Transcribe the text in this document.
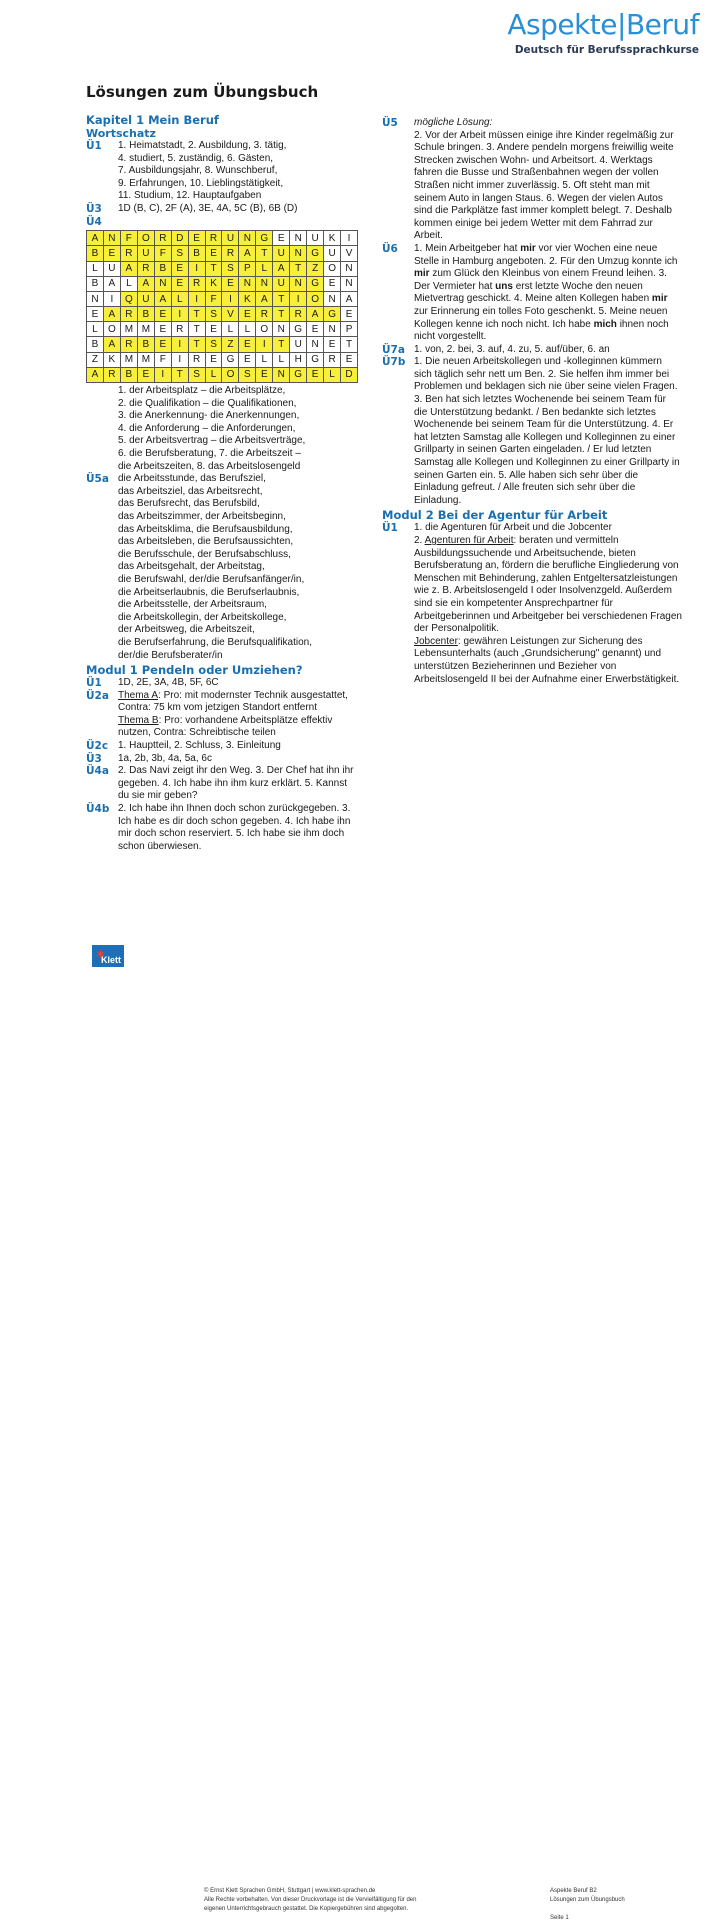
Aspekte|Beruf
Deutsch für Berufssprachkurse
Lösungen zum Übungsbuch
Kapitel 1 Mein Beruf
Wortschatz
Ü1	1. Heimatstadt, 2. Ausbildung, 3. tätig,

4. studiert, 5. zuständig, 6. Gästen,

7. Ausbildungsjahr, 8. Wunschberuf,

9. Erfahrungen, 10. Lieblingstätigkeit,

11. Studium, 12. Hauptaufgaben

Ü3	1D (B, C), 2F (A), 3E, 4A, 5C (B), 6B (D)
Ü4
A	N	F	O	R	D	E	R	U	N	G	E	N	U	K	I
B	E	R	U	F	S	B	E	R	A	T	U	N	G	U	V
L	U	A	R	B	E	I	T	S	P	L	A	T	Z	O	N
B	A	L	A	N	E	R	K	E	N	N	U	N	G	E	N
N	I	Q	U	A	L	I	F	I	K	A	T	I	O	N	A
E	A	R	B	E	I	T	S	V	E	R	T	R	A	G	E
L	O	M	M	E	R	T	E	L	L	O	N	G	E	N	P
B	A	R	B	E	I	T	S	Z	E	I	T	U	N	E	T
Z	K	M	M	F	I	R	E	G	E	L	L	H	G	R	E
A	R	B	E	I	T	S	L	O	S	E	N	G	E	L	D

1. der Arbeitsplatz – die Arbeitsplätze,

2. die Qualifikation – die Qualifikationen,

3. die Anerkennung- die Anerkennungen,

4. die Anforderung – die Anforderungen,

5. der Arbeitsvertrag – die Arbeitsverträge,

6. die Berufsberatung, 7. die Arbeitszeit –

die Arbeitszeiten, 8. das Arbeitslosengeld

Ü5a die Arbeitsstunde, das Berufsziel,

das Arbeitsziel, das Arbeitsrecht,

das Berufsrecht, das Berufsbild,

das Arbeitszimmer, der Arbeitsbeginn,

das Arbeitsklima, die Berufsausbildung,

das Arbeitsleben, die Berufsaussichten,

die Berufsschule, der Berufsabschluss,

das Arbeitsgehalt, der Arbeitstag,

die Berufswahl, der/die Berufsanfänger/in,

die Arbeitserlaubnis, die Berufserlaubnis,

die Arbeitsstelle, der Arbeitsraum,

die Arbeitskollegin, der Arbeitskollege,

der Arbeitsweg, die Arbeitszeit,

die Berufserfahrung, die Berufsqualifikation,

der/die Berufsberater/in

Modul 1 Pendeln oder Umziehen?
Ü1	1D, 2E, 3A, 4B, 5F, 6C
Ü2a Thema A: Pro: mit modernster Technik ausgestattet, Contra: 75 km vom jetzigen Standort entfernt

Thema B: Pro: vorhandene Arbeitsplätze effektiv nutzen, Contra: Schreibtische teilen

Ü2c 1. Hauptteil, 2. Schluss, 3. Einleitung
Ü3	1a, 2b, 3b, 4a, 5a, 6c
Ü4a 2. Das Navi zeigt ihr den Weg. 3. Der Chef hat ihn ihr gegeben. 4. Ich habe ihn ihm kurz erklärt. 5. Kannst du sie mir geben?
Ü4b 2. Ich habe ihn Ihnen doch schon zurückgegeben. 3. Ich habe es dir doch schon gegeben. 4. Ich habe ihn mir doch schon reserviert. 5. Ich habe sie ihm doch schon überwiesen.
Ü5	mögliche Lösung:

2. Vor der Arbeit müssen einige ihre Kinder regelmäßig zur Schule bringen. 3. Andere pendeln morgens freiwillig weite Strecken zwischen Wohn- und Arbeitsort. 4. Werktags fahren die Busse und Straßenbahnen wegen der vollen Straßen nicht immer zuverlässig. 5. Oft steht man mit seinem Auto in langen Staus. 6. Wegen der vielen Autos sind die Parkplätze fast immer komplett belegt. 7. Deshalb kommen einige bei jedem Wetter mit dem Fahrrad zur Arbeit.

Ü6	1. Mein Arbeitgeber hat mir vor vier Wochen eine neue Stelle in Hamburg angeboten. 2. Für den Umzug konnte ich mir zum Glück den Kleinbus von einem Freund leihen. 3. Der Vermieter hat uns erst letzte Woche den neuen Mietvertrag geschickt. 4. Meine alten Kollegen haben mir zur Erinnerung ein tolles Foto geschenkt. 5. Meine neuen Kollegen kenne ich noch nicht. Ich habe mich ihnen noch nicht vorgestellt.
Ü7a 1. von, 2. bei, 3. auf, 4. zu, 5. auf/über, 6. an
Ü7b 1. Die neuen Arbeitskollegen und -kolleginnen kümmern sich täglich sehr nett um Ben. 2. Sie helfen ihm immer bei Problemen und beklagen sich nie über seine vielen Fragen. 3. Ben hat sich letztes Wochenende bei seinem Team für die Unterstützung bedankt. / Ben bedankte sich letztes Wochenende bei seinem Team für die Unterstützung. 4. Er hat letzten Samstag alle Kollegen und Kolleginnen zu einer Grillparty in seinen Garten eingeladen. / Er lud letzten Samstag alle Kollegen und Kolleginnen zu einer Grillparty in seinen Garten ein. 5. Alle haben sich sehr über die Einladung gefreut. / Alle freuten sich sehr über die Einladung.
Modul 2 Bei der Agentur für Arbeit
Ü1	1. die Agenturen für Arbeit und die Jobcenter

2. Agenturen für Arbeit: beraten und vermitteln Ausbildungssuchende und Arbeitsuchende, bieten Berufsberatung an, fördern die berufliche Eingliederung von Menschen mit Behinderung, zahlen Entgeltersatzleistungen wie z. B. Arbeitslosengeld I oder Insolvenzgeld. Außerdem sind sie ein kompetenter Ansprechpartner für Arbeitgeberinnen und Arbeitgeber bei verschiedenen Fragen der Personalpolitik.

Jobcenter: gewähren Leistungen zur Sicherung des Lebensunterhalts (auch „Grundsicherung" genannt) und unterstützen Bezieherinnen und Bezieher von Arbeitslosengeld II bei der Aufnahme einer Erwerbstätigkeit.

✶
Klett
© Ernst Klett Sprachen GmbH, Stuttgart | www.klett-sprachen.de
Alle Rechte vorbehalten. Von dieser Druckvorlage ist die Vervielfältigung für den
eigenen Unterrichtsgebrauch gestattet. Die Kopiergebühren sind abgegolten.
Aspekte Beruf B2
Lösungen zum Übungsbuch
Seite 1
